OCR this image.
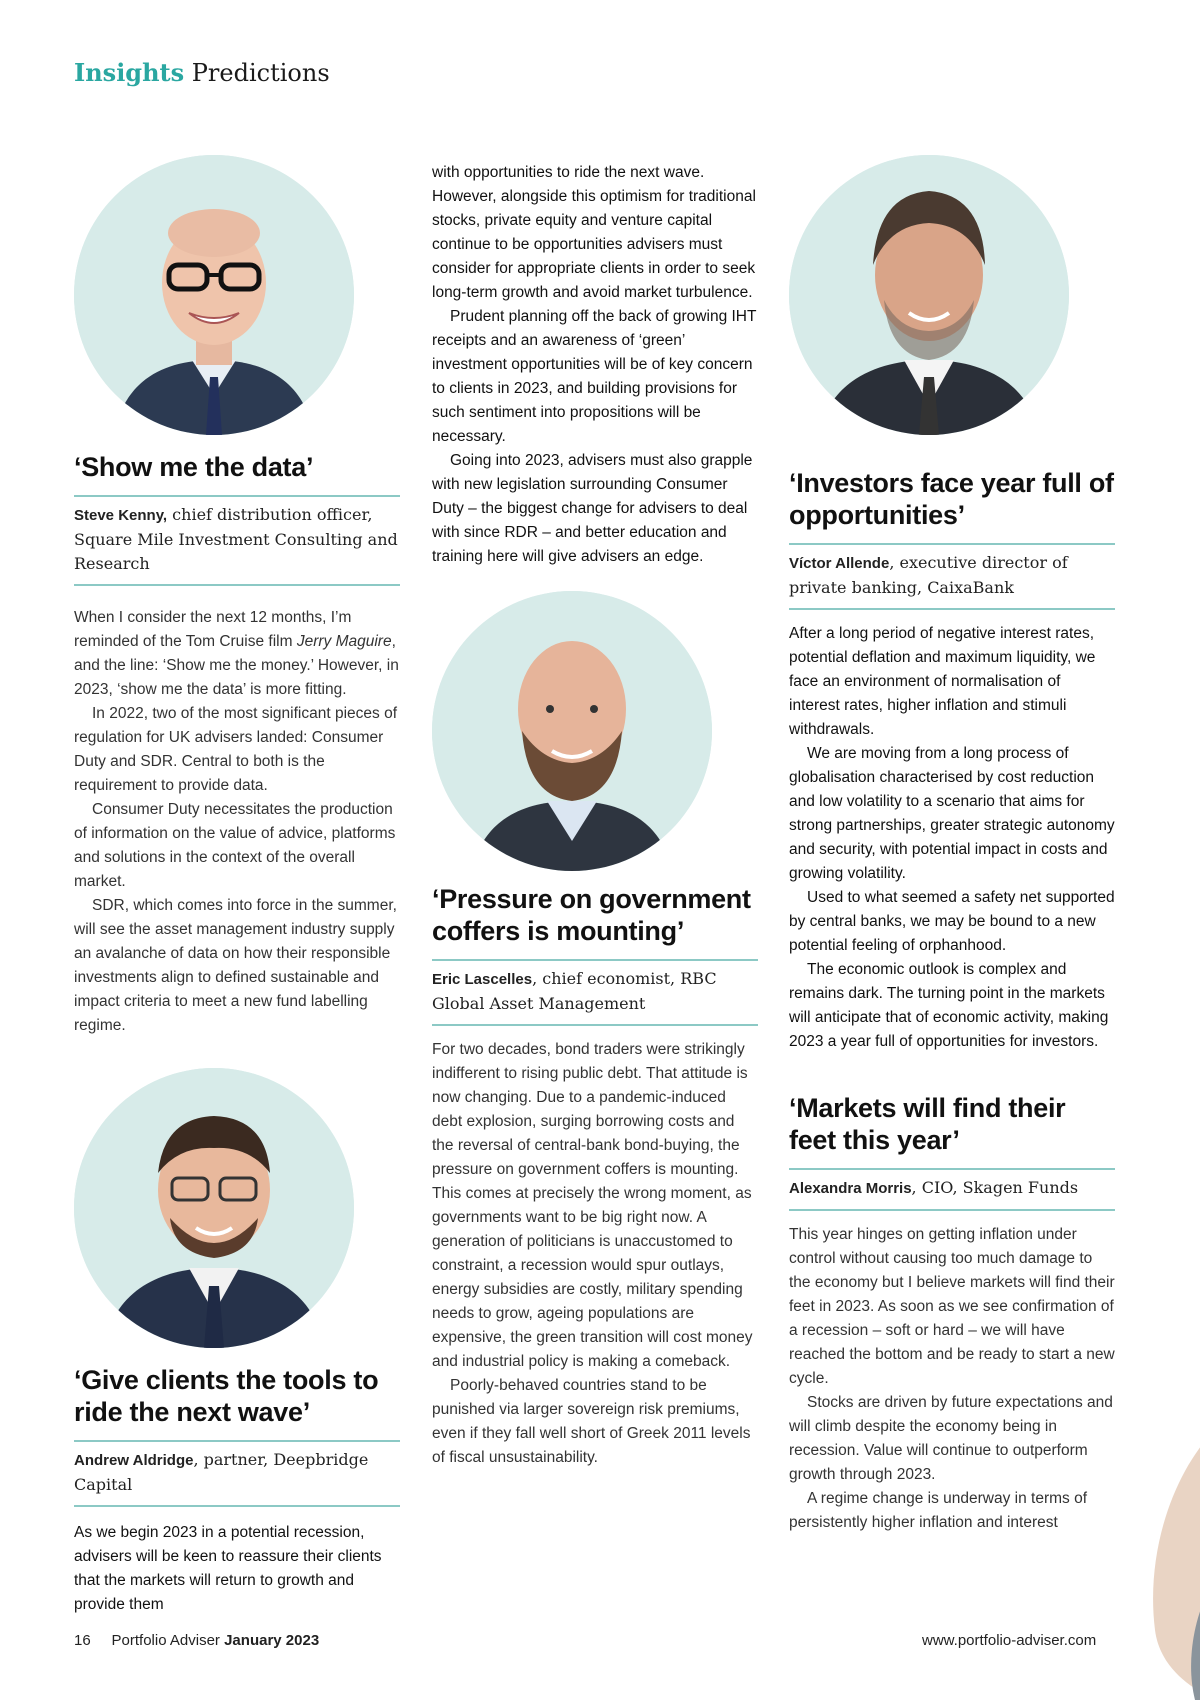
Insights Predictions
‘Show me the data’
Steve Kenny, chief distribution officer, Square Mile Investment Consulting and Research

When I consider the next 12 months, I’m reminded of the Tom Cruise film Jerry Maguire, and the line: ‘Show me the money.’ However, in 2023, ‘show me the data’ is more fitting.

In 2022, two of the most significant pieces of regulation for UK advisers landed: Consumer Duty and SDR. Central to both is the requirement to provide data.

Consumer Duty necessitates the production of information on the value of advice, platforms and solutions in the context of the overall market.

SDR, which comes into force in the summer, will see the asset management industry supply an avalanche of data on how their responsible investments align to defined sustainable and impact criteria to meet a new fund labelling regime.

‘Give clients the tools to ride the next wave’
Andrew Aldridge, partner, Deepbridge Capital

As we begin 2023 in a potential recession, advisers will be keen to reassure their clients that the markets will return to growth and provide them

with opportunities to ride the next wave. However, alongside this optimism for traditional stocks, private equity and venture capital continue to be opportunities advisers must consider for appropriate clients in order to seek long-term growth and avoid market turbulence.

Prudent planning off the back of growing IHT receipts and an awareness of ‘green’ investment opportunities will be of key concern to clients in 2023, and building provisions for such sentiment into propositions will be necessary.

Going into 2023, advisers must also grapple with new legislation surrounding Consumer Duty – the biggest change for advisers to deal with since RDR – and better education and training here will give advisers an edge.

‘Pressure on government coffers is mounting’
Eric Lascelles, chief economist, RBC Global Asset Management

For two decades, bond traders were strikingly indifferent to rising public debt. That attitude is now changing. Due to a pandemic-induced debt explosion, surging borrowing costs and the reversal of central-bank bond-buying, the pressure on government coffers is mounting.

This comes at precisely the wrong moment, as governments want to be big right now. A generation of politicians is unaccustomed to constraint, a recession would spur outlays, energy subsidies are costly, military spending needs to grow, ageing populations are expensive, the green transition will cost money and industrial policy is making a comeback.

Poorly-behaved countries stand to be punished via larger sovereign risk premiums, even if they fall well short of Greek 2011 levels of fiscal unsustainability.

‘Investors face year full of opportunities’
Víctor Allende, executive director of private banking, CaixaBank

After a long period of negative interest rates, potential deflation and maximum liquidity, we face an environment of normalisation of interest rates, higher inflation and stimuli withdrawals.

We are moving from a long process of globalisation characterised by cost reduction and low volatility to a scenario that aims for strong partnerships, greater strategic autonomy and security, with potential impact in costs and growing volatility.

Used to what seemed a safety net supported by central banks, we may be bound to a new potential feeling of orphanhood.

The economic outlook is complex and remains dark. The turning point in the markets will anticipate that of economic activity, making 2023 a year full of opportunities for investors.

‘Markets will find their feet this year’
Alexandra Morris, CIO, Skagen Funds

This year hinges on getting inflation under control without causing too much damage to the economy but I believe markets will find their feet in 2023. As soon as we see confirmation of a recession – soft or hard – we will have reached the bottom and be ready to start a new cycle.

Stocks are driven by future expectations and will climb despite the economy being in recession. Value will continue to outperform growth through 2023.

A regime change is underway in terms of persistently higher inflation and interest

16 Portfolio Adviser January 2023	www.portfolio-adviser.com
